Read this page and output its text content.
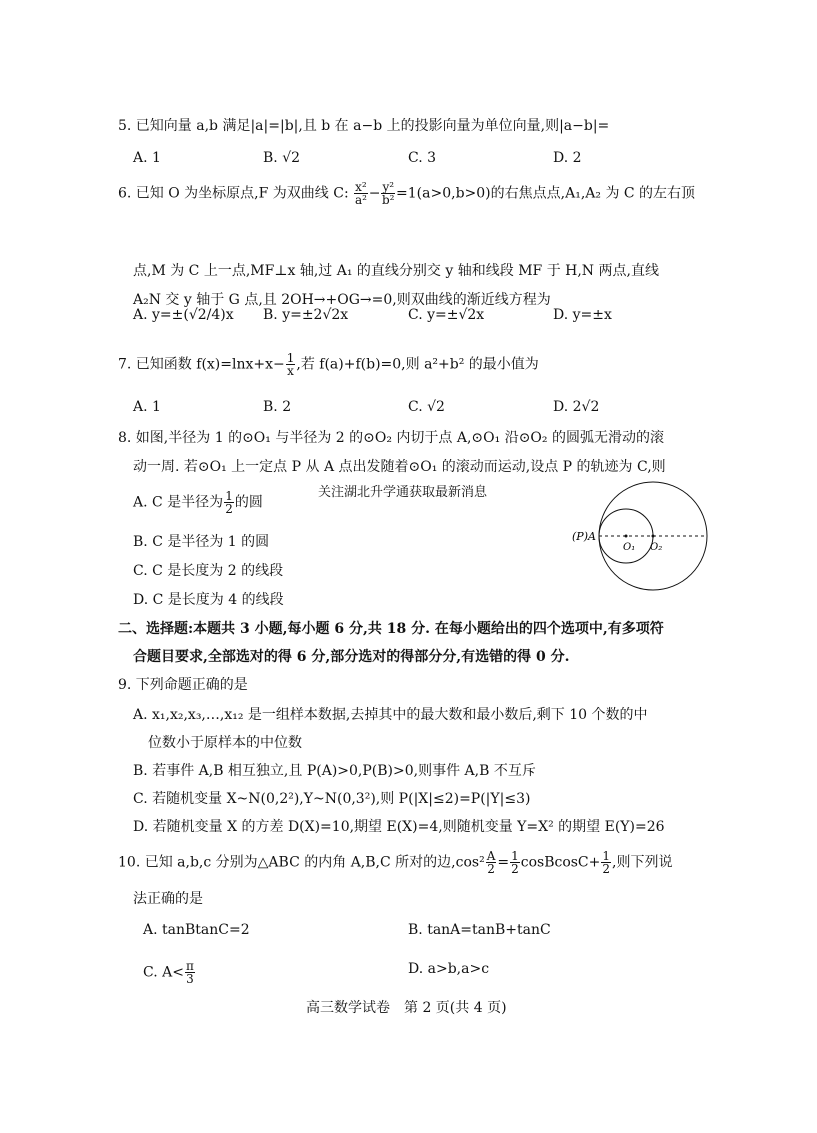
5. 已知向量 a,b 满足|a|=|b|,且 b 在 a−b 上的投影向量为单位向量,则|a−b|=
A. 1	B. √2	C. 3	D. 2
6. 已知 O 为坐标原点,F 为双曲线 C: $\frac{\text{x²}}{\text{a²}} - \frac{\text{y²}}{\text{b²}} =1(a>0,b>0)$的右焦点点,A₁,A₂ 为 C 的左右顶
点,M 为 C 上一点,MF⊥x 轴,过 A₁ 的直线分别交 y 轴和线段 MF 于 H,N 两点,直线
A₂N 交 y 轴于 G 点,且 2OH→+OG→=0,则双曲线的渐近线方程为
A. y=±(√2/4)x B. y=±2√2x	C. y=±√2x	D. y=±x
7. 已知函数 $f(x)=\ln x+x- \frac{1}{x}$ ,若 f(a)+f(b)=0,则 a²+b² 的最小值为
A. 1	B. 2	C. √2	D. 2√2
8. 如图,半径为 1 的⊙O₁ 与半径为 2 的⊙O₂ 内切于点 A,⊙O₁ 沿⊙O₂ 的圆弧无滑动的滚
动一周. 若⊙O₁ 上一定点 P 从 A 点出发随着⊙O₁ 的滚动而运动,设点 P 的轨迹为 C,则
A. C 是半径为 $\frac{1}{2}$ 的圆
关注湖北升学通获取最新消息
B. C 是半径为 1 的圆
C. C 是长度为 2 的线段
D. C 是长度为 4 的线段
(P)A
O₁ O₂
二、选择题:本题共 3 小题,每小题 6 分,共 18 分. 在每小题给出的四个选项中,有多项符
合题目要求,全部选对的得 6 分,部分选对的得部分分,有选错的得 0 分.
9. 下列命题正确的是
A. x₁,x₂,x₃,…,x₁₂ 是一组样本数据,去掉其中的最大数和最小数后,剩下 10 个数的中
位数小于原样本的中位数
B. 若事件 A,B 相互独立,且 P(A)>0,P(B)>0,则事件 A,B 不互斥
C. 若随机变量 X~N(0,2²),Y~N(0,3²),则 P(|X|≤2)=P(|Y|≤3)
D. 若随机变量 X 的方差 D(X)=10,期望 E(X)=4,则随机变量 Y=X² 的期望 E(Y)=26
10. 已知 a,b,c 分别为△ABC 的内角 A,B,C 所对的边$,\cos^2 \frac{A}{2} = \frac{1}{2}$ cosBcosC+ $\frac{1}{2}$ ,则下列说
法正确的是
A. tanBtanC=2	B. tanA=tanB+tanC
C. $A< \frac{\pi}{3}$	D. a>b,a>c
高三数学试卷　第 2 页(共 4 页)
